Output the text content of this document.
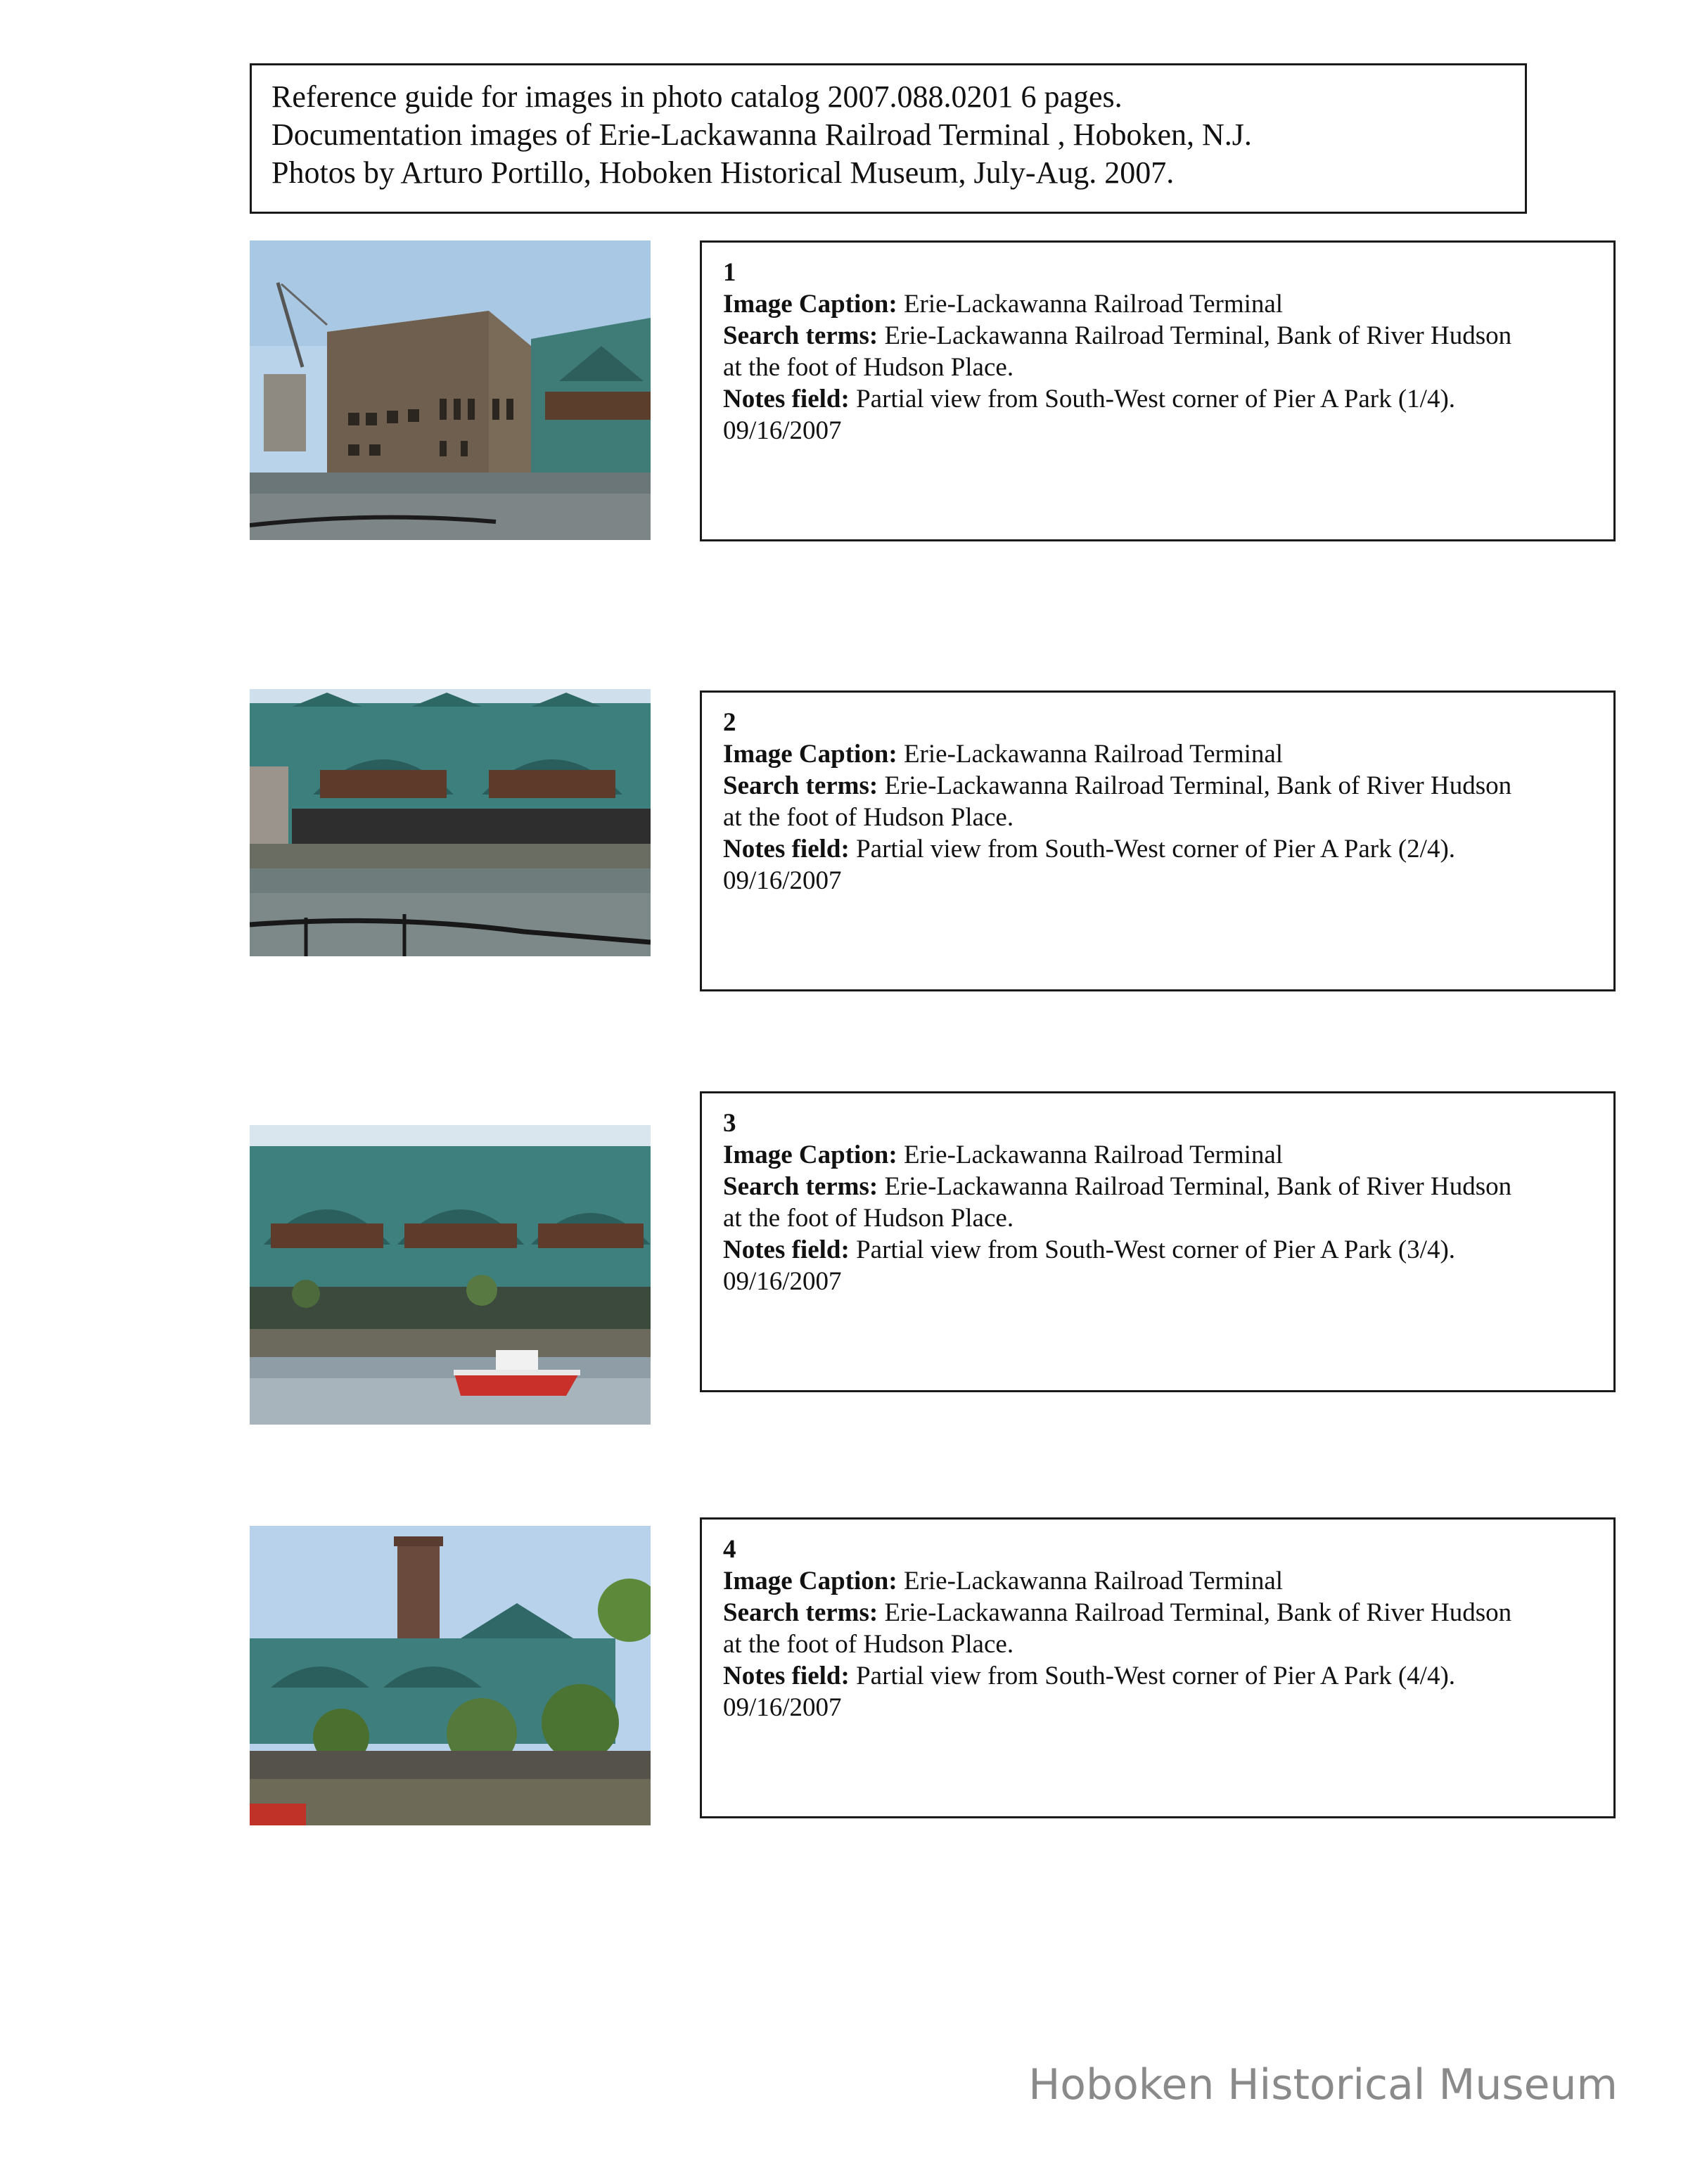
Reference guide for images in photo catalog 2007.088.0201 6 pages.
Documentation images of Erie-Lackawanna Railroad Terminal , Hoboken, N.J.
Photos by Arturo Portillo, Hoboken Historical Museum, July-Aug. 2007.
1
Image Caption: Erie-Lackawanna Railroad Terminal
Search terms: Erie-Lackawanna Railroad Terminal, Bank of River Hudson
at the foot of Hudson Place.
Notes field: Partial view from South-West corner of Pier A Park (1/4).
09/16/2007
2
Image Caption: Erie-Lackawanna Railroad Terminal
Search terms: Erie-Lackawanna Railroad Terminal, Bank of River Hudson
at the foot of Hudson Place.
Notes field: Partial view from South-West corner of Pier A Park (2/4).
09/16/2007
3
Image Caption: Erie-Lackawanna Railroad Terminal
Search terms: Erie-Lackawanna Railroad Terminal, Bank of River Hudson
at the foot of Hudson Place.
Notes field: Partial view from South-West corner of Pier A Park (3/4).
09/16/2007
4
Image Caption: Erie-Lackawanna Railroad Terminal
Search terms: Erie-Lackawanna Railroad Terminal, Bank of River Hudson
at the foot of Hudson Place.
Notes field: Partial view from South-West corner of Pier A Park (4/4).
09/16/2007
Hoboken Historical Museum
